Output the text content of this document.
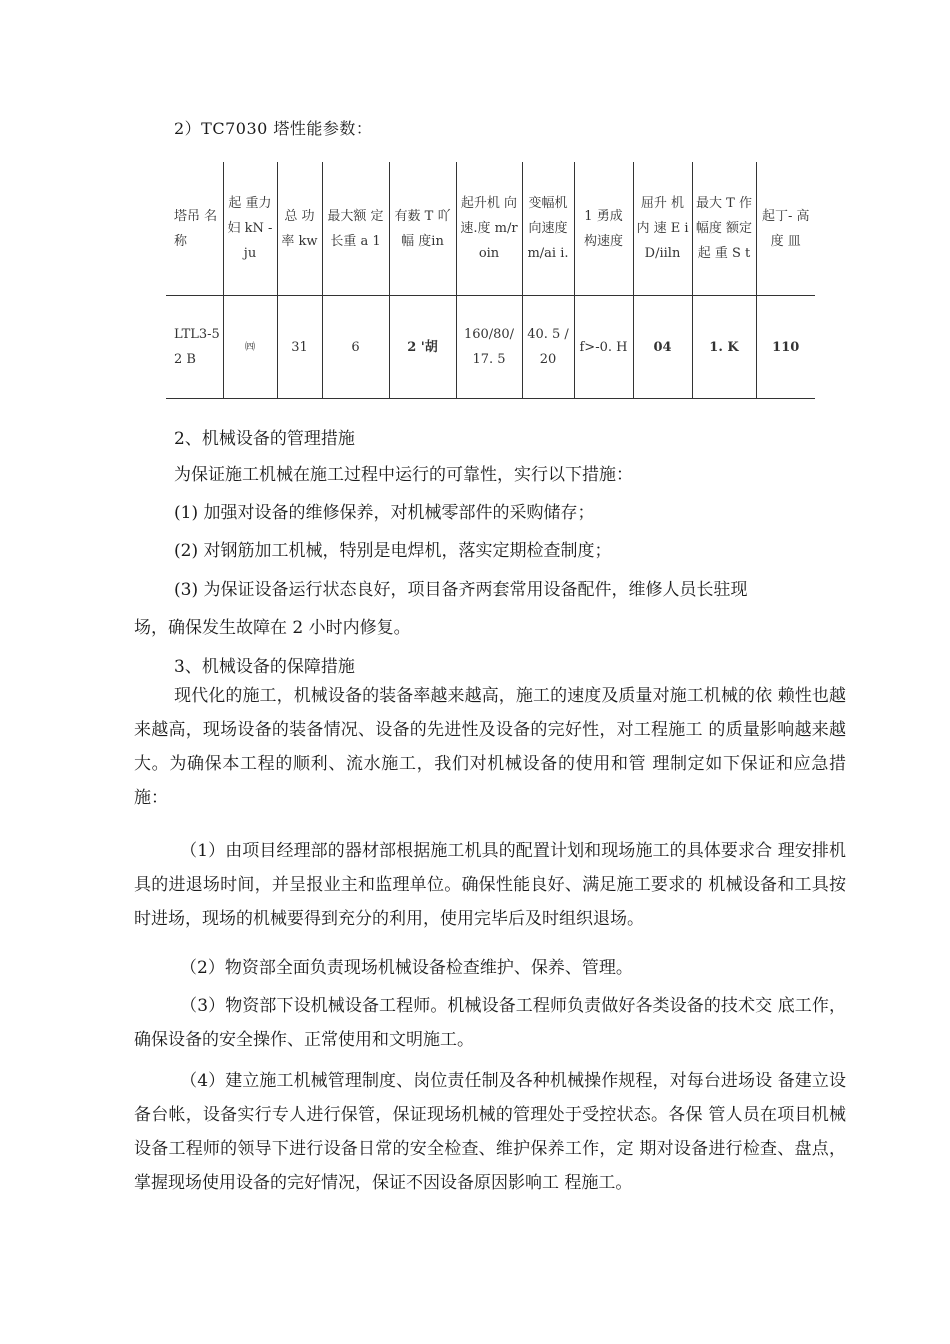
2）TC7030 塔性能参数：
塔吊 名称	起 重力妇 kN - ju	总 功率 kw	最大额 定长重 a 1	有薮 T 吖幅 度in	起升机 向速.度 m/roin	变幅机向速度 m/ai i.	1 勇成 构速度	屈升 机内 速 E iD/iiln	最大 T 作幅度 额定起 重 S t	起丁- 高度 皿
LTL3-52 B	㈣	31	6	2 '胡	160/80/ 17. 5	40. 5 /20	f>-0. H	04	1. K	110
2、机械设备的管理措施
为保证施工机械在施工过程中运行的可靠性，实行以下措施：
(1) 加强对设备的维修保养，对机械零部件的采购储存；
(2) 对钢筋加工机械，特别是电焊机，落实定期检查制度；
(3) 为保证设备运行状态良好，项目备齐两套常用设备配件，维修人员长驻现
场，确保发生故障在 2 小时内修复。
3、机械设备的保障措施
现代化的施工，机械设备的装备率越来越高，施工的速度及质量对施工机械的依 赖性也越来越高，现场设备的装备情况、设备的先进性及设备的完好性，对工程施工 的质量影响越来越大。为确保本工程的顺利、流水施工，我们对机械设备的使用和管 理制定如下保证和应急措施：
（1）由项目经理部的器材部根据施工机具的配置计划和现场施工的具体要求合 理安排机具的进退场时间，并呈报业主和监理单位。确保性能良好、满足施工要求的 机械设备和工具按时进场，现场的机械要得到充分的利用，使用完毕后及时组织退场。
（2）物资部全面负责现场机械设备检查维护、保养、管理。
（3）物资部下设机械设备工程师。机械设备工程师负责做好各类设备的技术交 底工作，确保设备的安全操作、正常使用和文明施工。
（4）建立施工机械管理制度、岗位责任制及各种机械操作规程，对每台进场设 备建立设备台帐，设备实行专人进行保管，保证现场机械的管理处于受控状态。各保 管人员在项目机械设备工程师的领导下进行设备日常的安全检查、维护保养工作，定 期对设备进行检查、盘点，掌握现场使用设备的完好情况，保证不因设备原因影响工 程施工。
